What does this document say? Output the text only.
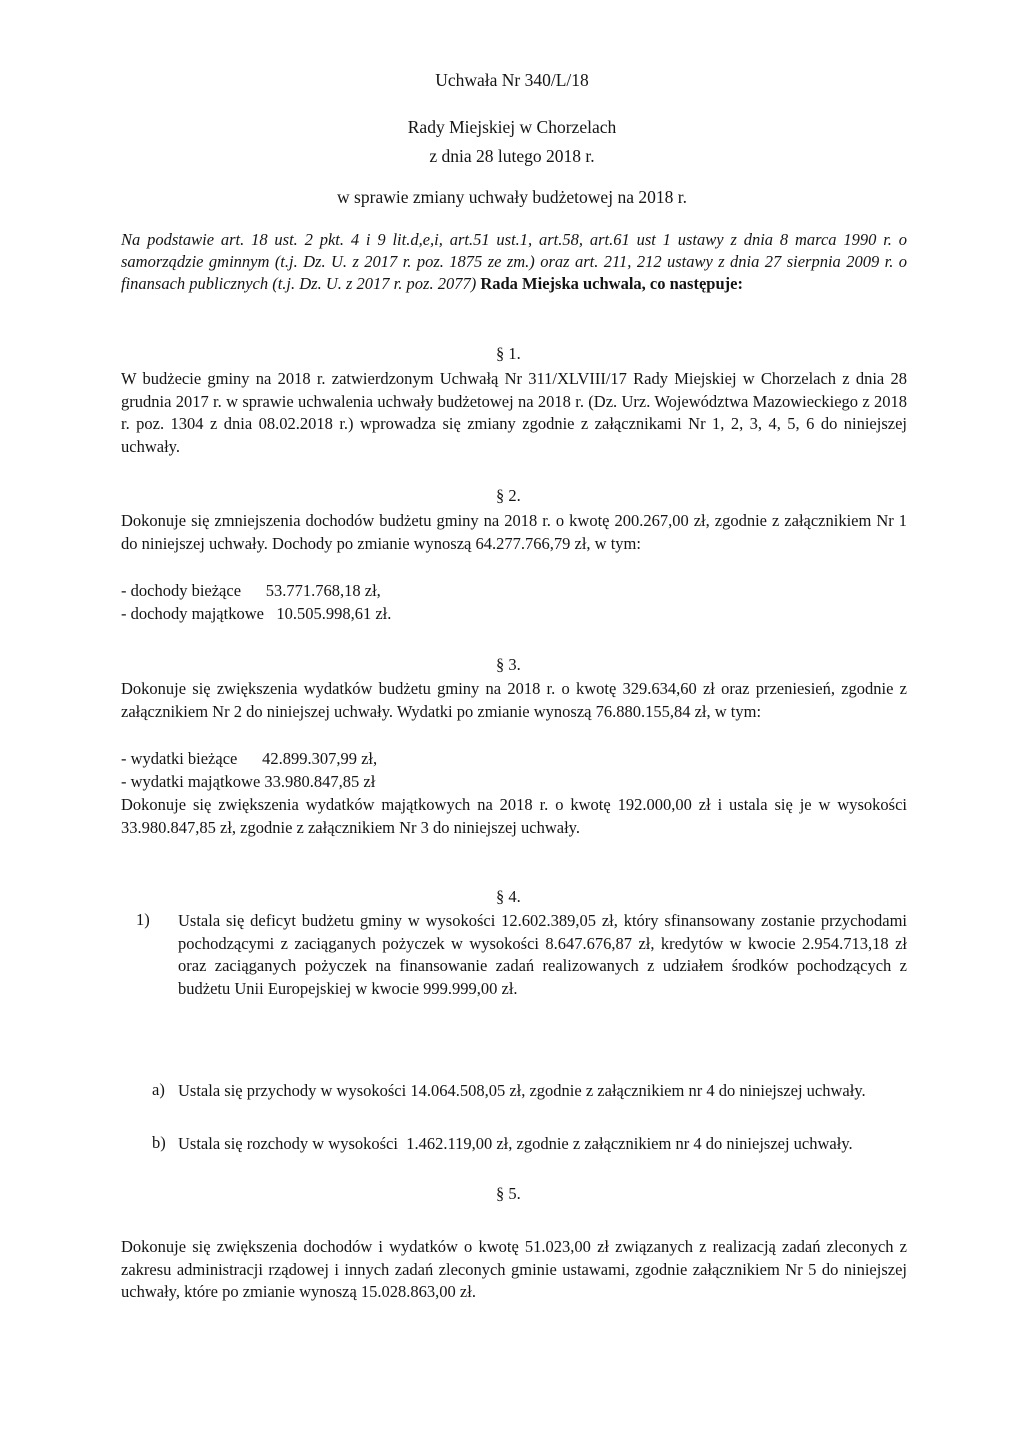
Uchwała Nr 340/L/18
Rady Miejskiej w Chorzelach
z dnia 28 lutego 2018 r.
w sprawie zmiany uchwały budżetowej na 2018 r.
Na podstawie art. 18 ust. 2 pkt. 4 i 9 lit.d,e,i, art.51 ust.1, art.58, art.61 ust 1 ustawy z dnia 8 marca 1990 r. o samorządzie gminnym (t.j. Dz. U. z 2017 r. poz. 1875 ze zm.) oraz art. 211, 212 ustawy z dnia 27 sierpnia 2009 r. o finansach publicznych (t.j. Dz. U. z 2017 r. poz. 2077) Rada Miejska uchwala, co następuje:
§ 1.
W budżecie gminy na 2018 r. zatwierdzonym Uchwałą Nr 311/XLVIII/17 Rady Miejskiej w Chorzelach z dnia 28 grudnia 2017 r. w sprawie uchwalenia uchwały budżetowej na 2018 r. (Dz. Urz. Województwa Mazowieckiego z 2018 r. poz. 1304 z dnia 08.02.2018 r.) wprowadza się zmiany zgodnie z załącznikami Nr 1, 2, 3, 4, 5, 6 do niniejszej uchwały.
§ 2.
Dokonuje się zmniejszenia dochodów budżetu gminy na 2018 r. o kwotę 200.267,00 zł, zgodnie z załącznikiem Nr 1 do niniejszej uchwały. Dochody po zmianie wynoszą 64.277.766,79 zł, w tym:
- dochody bieżące      53.771.768,18 zł,
- dochody majątkowe   10.505.998,61 zł.
§ 3.
Dokonuje się zwiększenia wydatków budżetu gminy na 2018 r. o kwotę 329.634,60 zł oraz przeniesień, zgodnie z załącznikiem Nr 2 do niniejszej uchwały. Wydatki po zmianie wynoszą 76.880.155,84 zł, w tym:
- wydatki bieżące      42.899.307,99 zł,
- wydatki majątkowe 33.980.847,85 zł
Dokonuje się zwiększenia wydatków majątkowych na 2018 r. o kwotę 192.000,00 zł i ustala się je w wysokości 33.980.847,85 zł, zgodnie z załącznikiem Nr 3 do niniejszej uchwały.
§ 4.
1) Ustala się deficyt budżetu gminy w wysokości 12.602.389,05 zł, który sfinansowany zostanie przychodami pochodzącymi z zaciąganych pożyczek w wysokości 8.647.676,87 zł, kredytów w kwocie 2.954.713,18 zł oraz zaciąganych pożyczek na finansowanie zadań realizowanych z udziałem środków pochodzących z budżetu Unii Europejskiej w kwocie 999.999,00 zł.
a) Ustala się przychody w wysokości 14.064.508,05 zł, zgodnie z załącznikiem nr 4 do niniejszej uchwały.
b) Ustala się rozchody w wysokości  1.462.119,00 zł, zgodnie z załącznikiem nr 4 do niniejszej uchwały.
§ 5.
Dokonuje się zwiększenia dochodów i wydatków o kwotę 51.023,00 zł związanych z realizacją zadań zleconych z zakresu administracji rządowej i innych zadań zleconych gminie ustawami, zgodnie załącznikiem Nr 5 do niniejszej uchwały, które po zmianie wynoszą 15.028.863,00 zł.
